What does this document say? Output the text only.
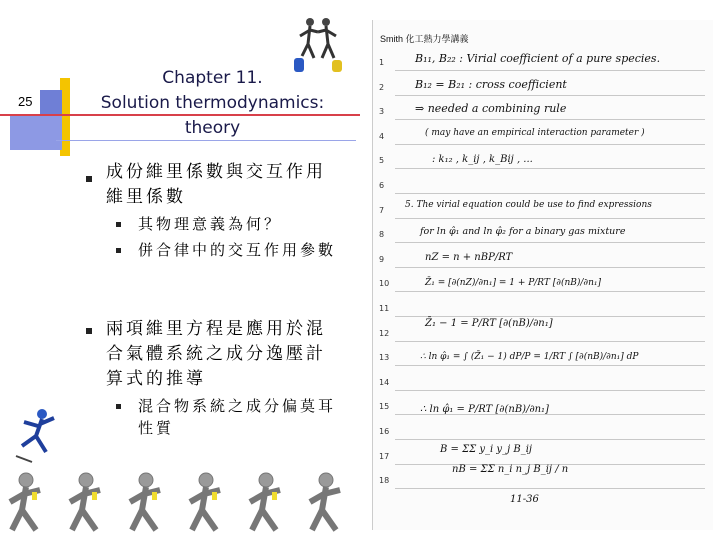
25
Chapter 11.
Solution thermodynamics:
theory
成份維里係數與交互作用
維里係數
其物理意義為何？
併合律中的交互作用參數
兩項維里方程是應用於混
合氣體系統之成分逸壓計
算式的推導
混合物系統之成分偏莫耳
性質
Smith 化工熱力學講義
1
2
3
4
5
6
7
8
9
10
11
12
13
14
15
16
17
18
B₁₁, B₂₂ : Virial coefficient of a pure species.
B₁₂ = B₂₁ : cross coefficient
⇒ needed a combining rule
( may have an empirical interaction parameter )
: k₁₂ , k_ij , k_Bij , ...
5. The virial equation could be use to find expressions
for ln φ̂₁ and ln φ̂₂ for a binary gas mixture
nZ = n + nBP/RT
Z̄₁ = [∂(nZ)/∂n₁] = 1 + P/RT [∂(nB)/∂n₁]
Z̄₁ − 1 = P/RT [∂(nB)/∂n₁]
∴ ln φ̂₁ = ∫ (Z̄₁ − 1) dP/P = 1/RT ∫ [∂(nB)/∂n₁] dP
∴ ln φ̂₁ = P/RT [∂(nB)/∂n₁]
B = ΣΣ y_i y_j B_ij
nB = ΣΣ n_i n_j B_ij / n
11-36
